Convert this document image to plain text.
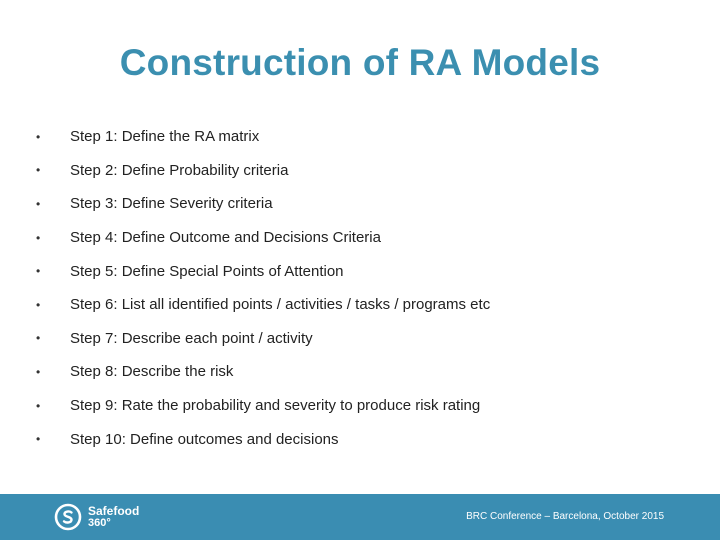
Construction of RA Models
•	Step 1: Define the RA matrix
•	Step 2: Define Probability criteria
•	Step 3: Define Severity criteria
•	Step 4: Define Outcome and Decisions Criteria
•	Step 5: Define Special Points of Attention
•	Step 6: List all identified points / activities / tasks / programs etc
•	Step 7: Describe each point / activity
•	Step 8: Describe the risk
•	Step 9: Rate the probability and severity to produce risk rating
•	Step 10: Define outcomes and decisions
Safefood
360°
BRC Conference – Barcelona, October 2015
